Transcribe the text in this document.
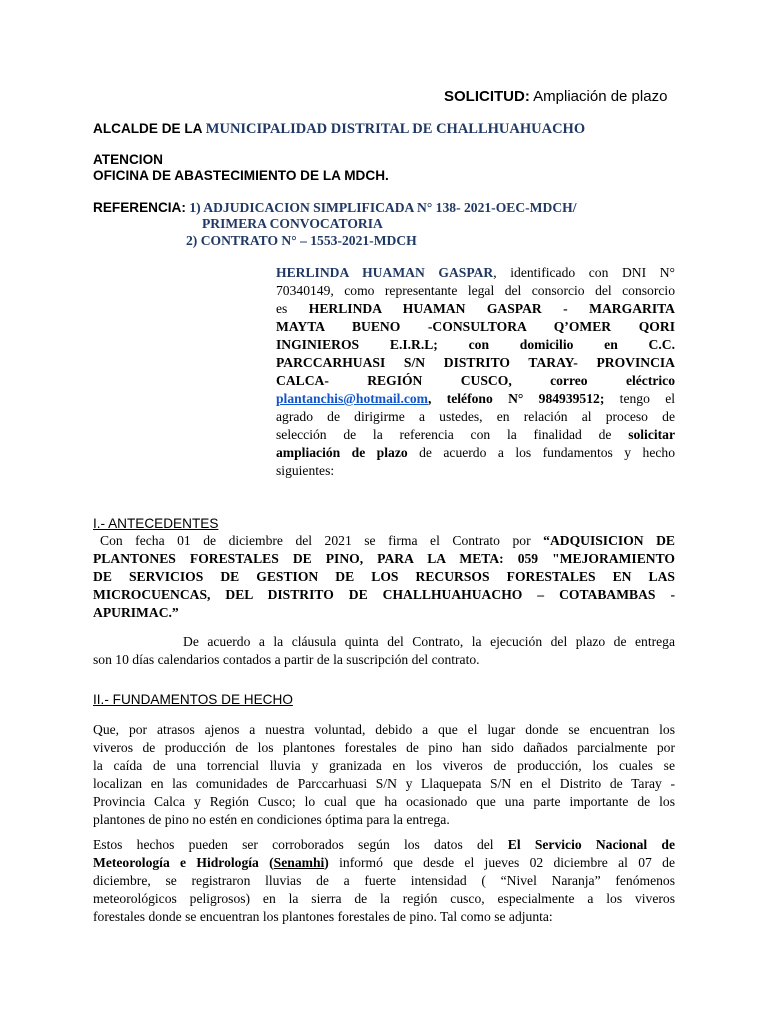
SOLICITUD: Ampliación de plazo
ALCALDE DE LA MUNICIPALIDAD DISTRITAL DE CHALLHUAHUACHO
ATENCION
OFICINA DE ABASTECIMIENTO DE LA MDCH.
REFERENCIA: 1) ADJUDICACION SIMPLIFICADA N° 138- 2021-OEC-MDCH/
PRIMERA CONVOCATORIA
2) CONTRATO N° – 1553-2021-MDCH
HERLINDA HUAMAN GASPAR, identificado con DNI N°
70340149, como representante legal del consorcio del consorcio
es HERLINDA HUAMAN GASPAR - MARGARITA
MAYTA BUENO -CONSULTORA Q’OMER QORI
INGINIEROS E.I.R.L; con domicilio en C.C.
PARCCARHUASI S/N DISTRITO TARAY- PROVINCIA
CALCA- REGIÓN CUSCO, correo eléctrico
plantanchis@hotmail.com, teléfono N° 984939512; tengo el
agrado de dirigirme a ustedes, en relación al proceso de
selección de la referencia con la finalidad de solicitar
ampliación de plazo de acuerdo a los fundamentos y hecho
siguientes:
I.- ANTECEDENTES
Con fecha 01 de diciembre del 2021 se firma el Contrato por “ADQUISICION DE
PLANTONES FORESTALES DE PINO, PARA LA META: 059 "MEJORAMIENTO
DE SERVICIOS DE GESTION DE LOS RECURSOS FORESTALES EN LAS
MICROCUENCAS, DEL DISTRITO DE CHALLHUAHUACHO – COTABAMBAS -
APURIMAC.”
De acuerdo a la cláusula quinta del Contrato, la ejecución del plazo de entrega
son 10 días calendarios contados a partir de la suscripción del contrato.
II.- FUNDAMENTOS DE HECHO
Que, por atrasos ajenos a nuestra voluntad, debido a que el lugar donde se encuentran los
viveros de producción de los plantones forestales de pino han sido dañados parcialmente por
la caída de una torrencial lluvia y granizada en los viveros de producción, los cuales se
localizan en las comunidades de Parccarhuasi S/N y Llaquepata S/N en el Distrito de Taray -
Provincia Calca y Región Cusco; lo cual que ha ocasionado que una parte importante de los
plantones de pino no estén en condiciones óptima para la entrega.
Estos hechos pueden ser corroborados según los datos del El Servicio Nacional de
Meteorología e Hidrología (Senamhi) informó que desde el jueves 02 diciembre al 07 de
diciembre, se registraron lluvias de a fuerte intensidad ( “Nivel Naranja” fenómenos
meteorológicos peligrosos) en la sierra de la región cusco, especialmente a los viveros
forestales donde se encuentran los plantones forestales de pino. Tal como se adjunta:
